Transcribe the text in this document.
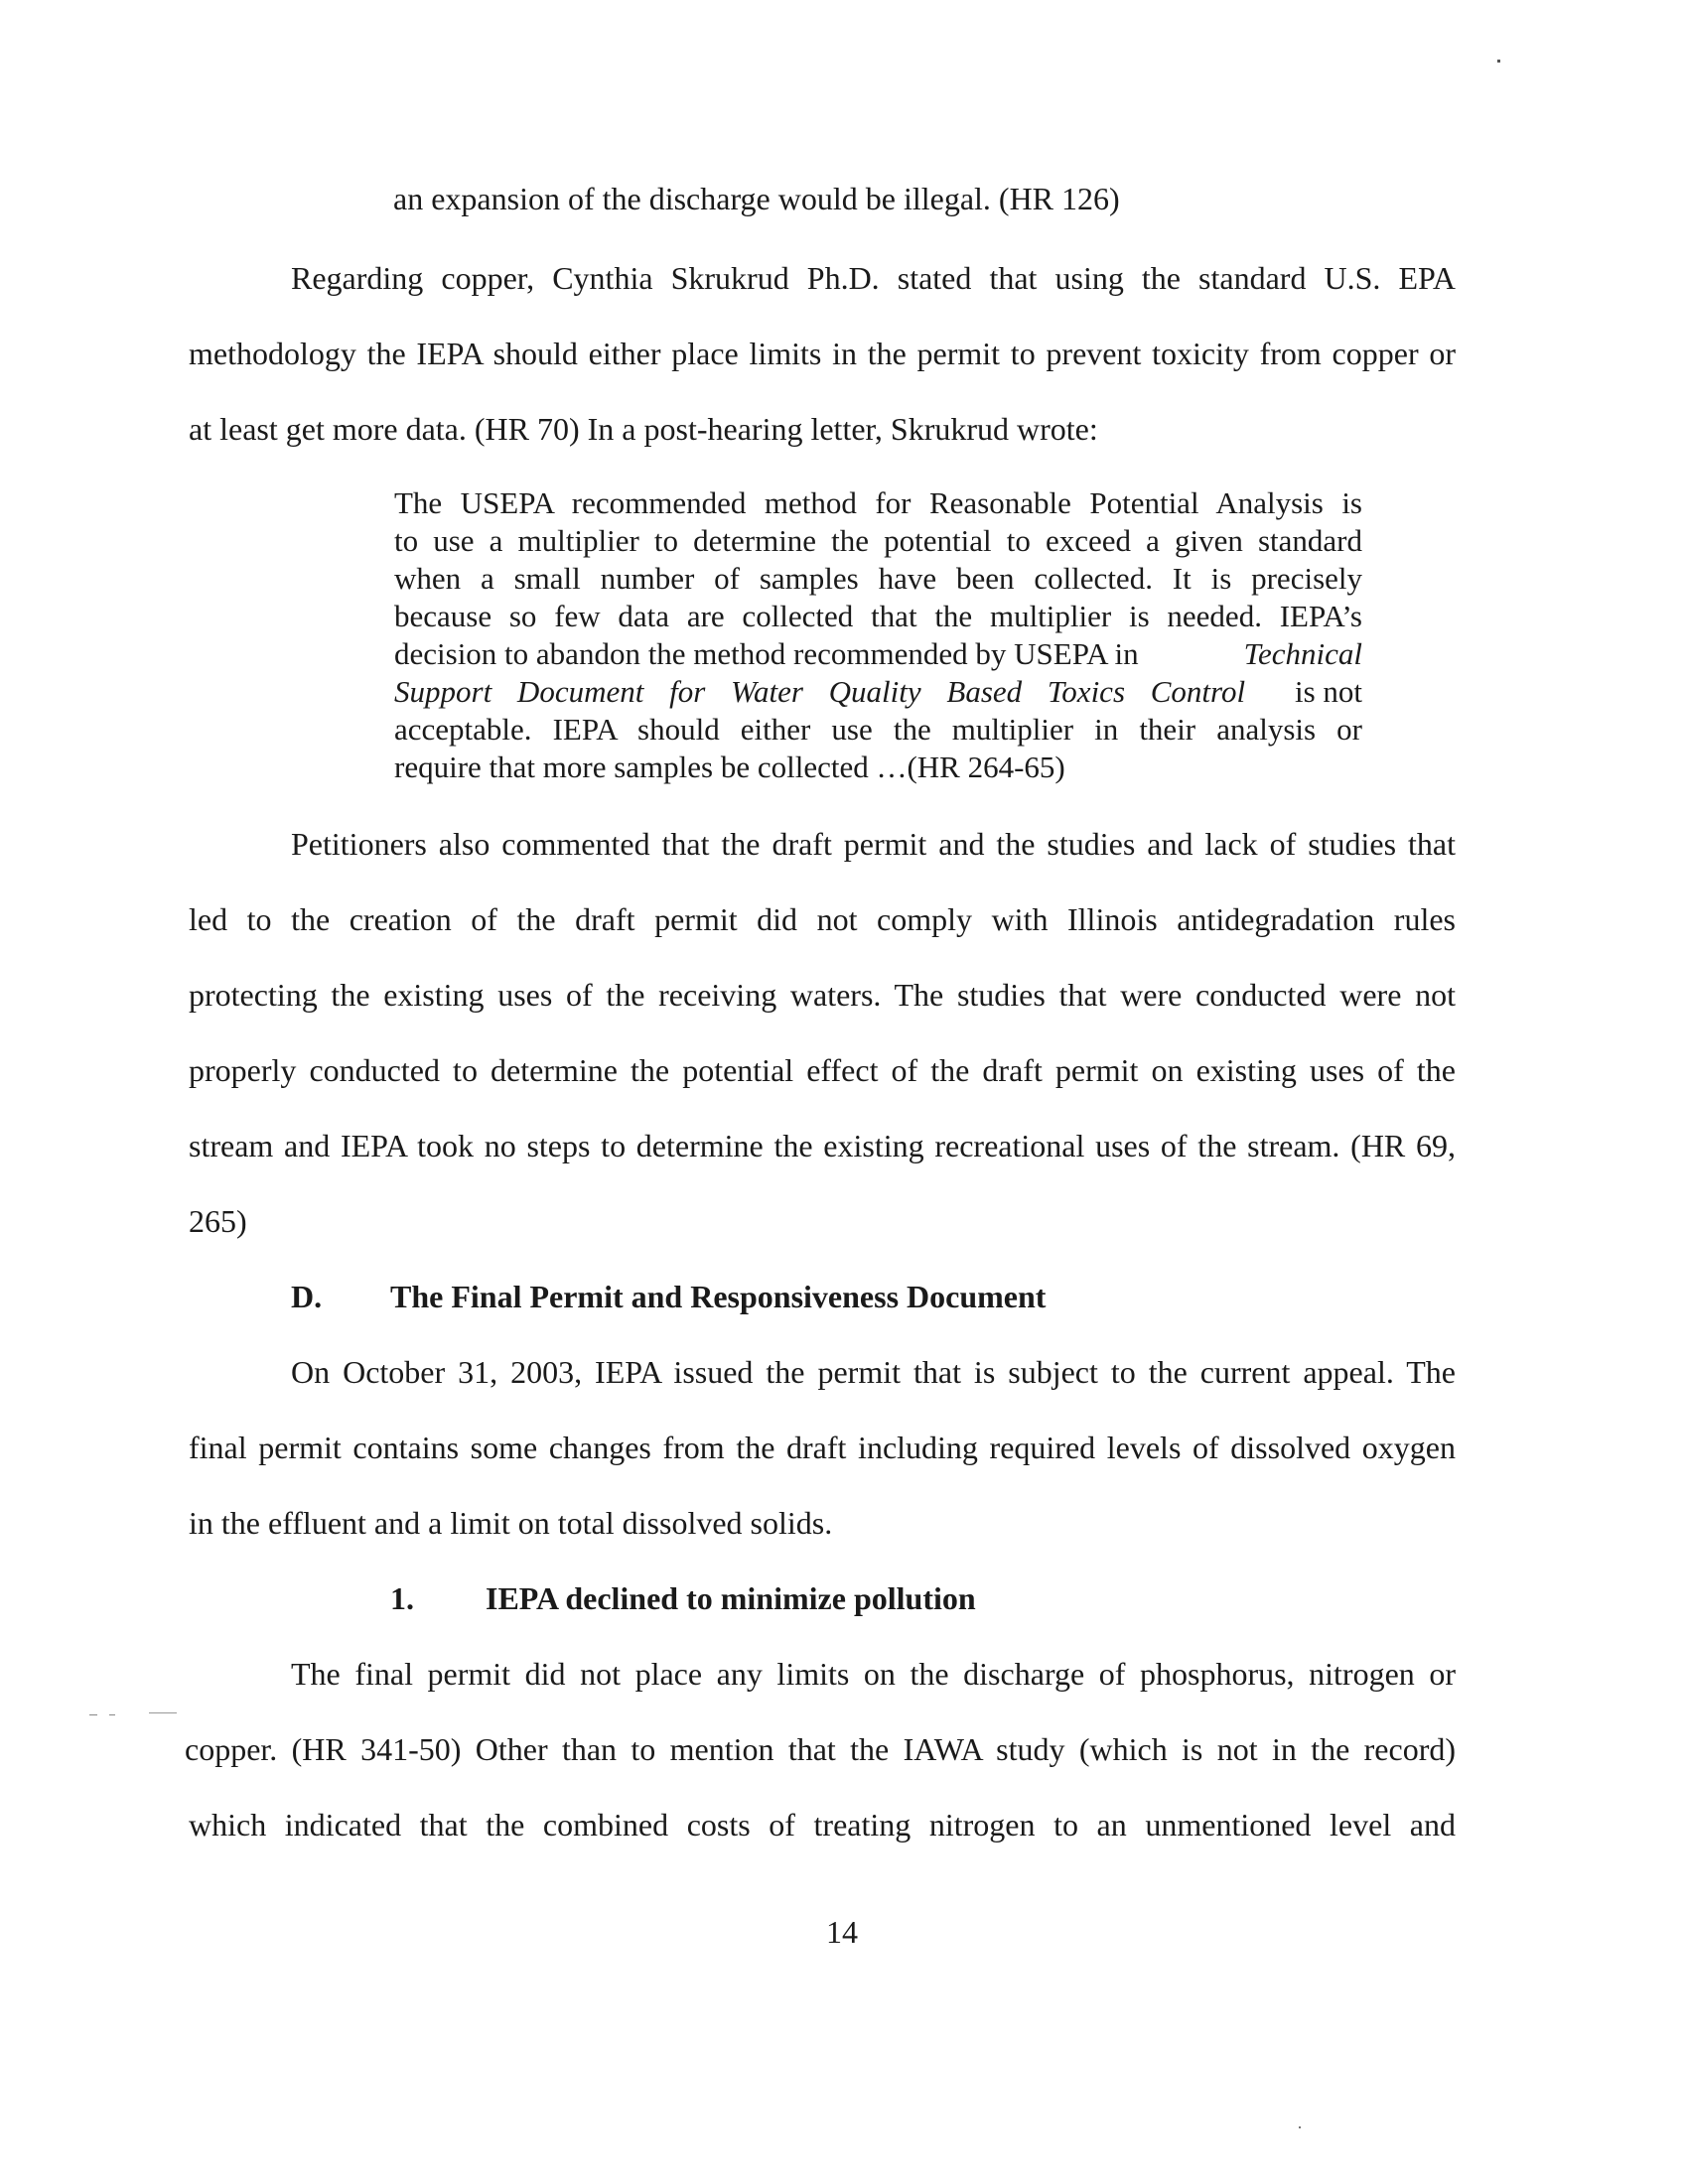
an expansion of the discharge would be illegal. (HR 126)
Regarding copper, Cynthia Skrukrud Ph.D. stated that using the standard U.S. EPA
methodology the IEPA should either place limits in the permit to prevent toxicity from copper or
at least get more data. (HR 70) In a post-hearing letter, Skrukrud wrote:
The USEPA recommended method for Reasonable Potential Analysis is
to use a multiplier to determine the potential to exceed a given standard
when a small number of samples have been collected. It is precisely
because so few data are collected that the multiplier is needed. IEPA’s
decision to abandon the method recommended by USEPA in	Technical
Support Document for Water Quality Based Toxics Control is not
acceptable. IEPA should either use the multiplier in their analysis or
require that more samples be collected …(HR 264-65)
Petitioners also commented that the draft permit and the studies and lack of studies that
led to the creation of the draft permit did not comply with Illinois antidegradation rules
protecting the existing uses of the receiving waters. The studies that were conducted were not
properly conducted to determine the potential effect of the draft permit on existing uses of the
stream and IEPA took no steps to determine the existing recreational uses of the stream. (HR 69,
265)
D. The Final Permit and Responsiveness Document
On October 31, 2003, IEPA issued the permit that is subject to the current appeal. The
final permit contains some changes from the draft including required levels of dissolved oxygen
in the effluent and a limit on total dissolved solids.
1. IEPA declined to minimize pollution
The final permit did not place any limits on the discharge of phosphorus, nitrogen or
copper. (HR 341-50) Other than to mention that the IAWA study (which is not in the record)
which indicated that the combined costs of treating nitrogen to an unmentioned level and
14
